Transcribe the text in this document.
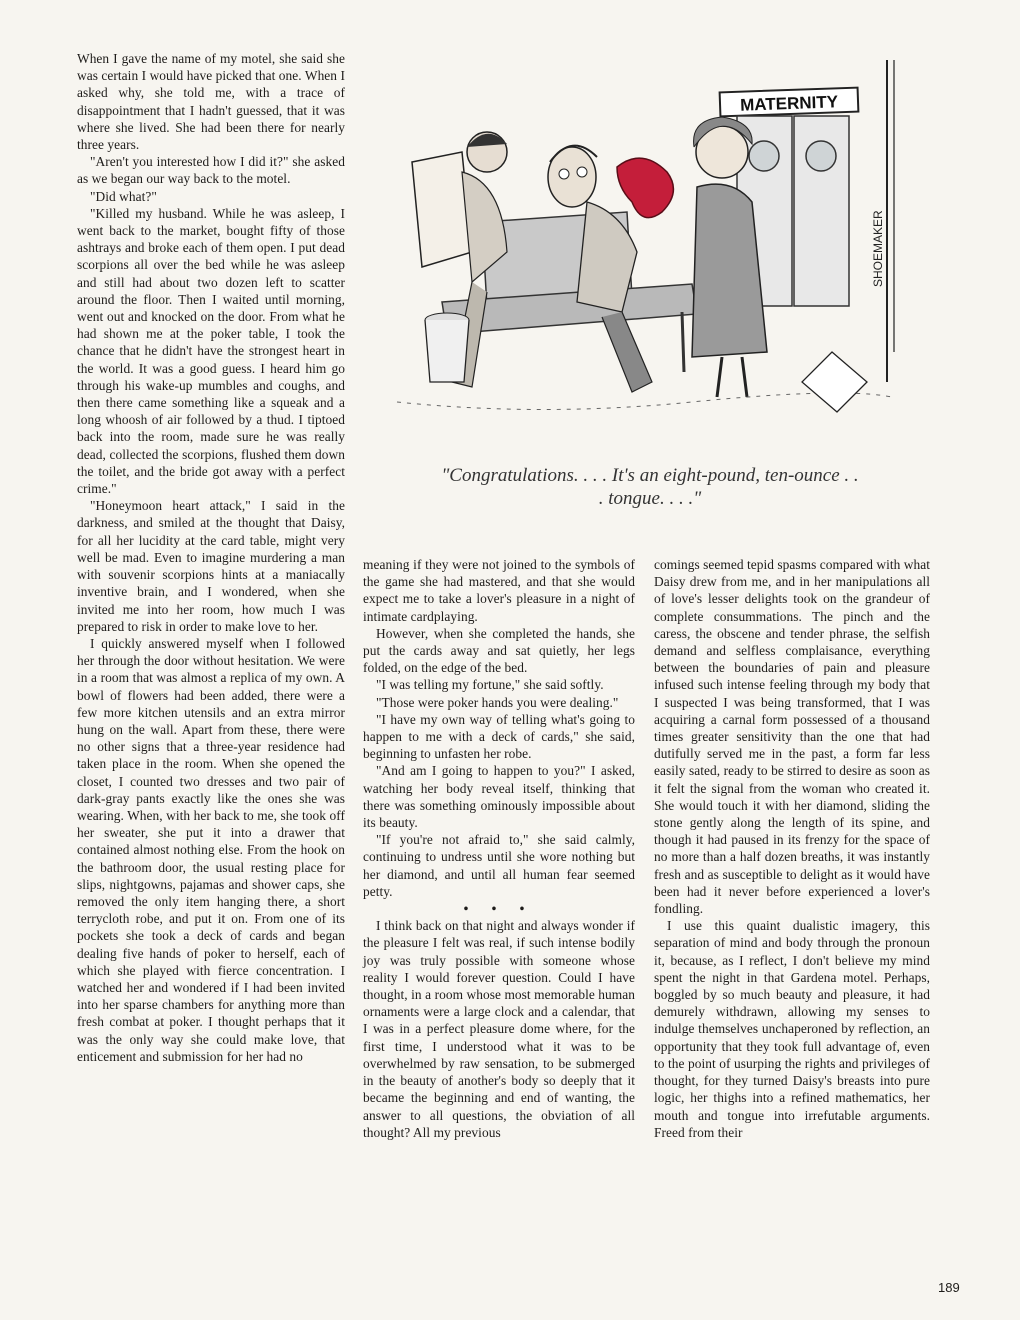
When I gave the name of my motel, she said she was certain I would have picked that one. When I asked why, she told me, with a trace of disappointment that I hadn't guessed, that it was where she lived. She had been there for nearly three years.

"Aren't you interested how I did it?" she asked as we began our way back to the motel.

"Did what?"

"Killed my husband. While he was asleep, I went back to the market, bought fifty of those ashtrays and broke each of them open. I put dead scorpions all over the bed while he was asleep and still had about two dozen left to scatter around the floor. Then I waited until morning, went out and knocked on the door. From what he had shown me at the poker table, I took the chance that he didn't have the strongest heart in the world. It was a good guess. I heard him go through his wake-up mumbles and coughs, and then there came something like a squeak and a long whoosh of air followed by a thud. I tiptoed back into the room, made sure he was really dead, collected the scorpions, flushed them down the toilet, and the bride got away with a perfect crime."

"Honeymoon heart attack," I said in the darkness, and smiled at the thought that Daisy, for all her lucidity at the card table, might very well be mad. Even to imagine murdering a man with souvenir scorpions hints at a maniacally inventive brain, and I wondered, when she invited me into her room, how much I was prepared to risk in order to make love to her.

I quickly answered myself when I followed her through the door without hesitation. We were in a room that was almost a replica of my own. A bowl of flowers had been added, there were a few more kitchen utensils and an extra mirror hung on the wall. Apart from these, there were no other signs that a three-year residence had taken place in the room. When she opened the closet, I counted two dresses and two pair of dark-gray pants exactly like the ones she was wearing. When, with her back to me, she took off her sweater, she put it into a drawer that contained almost nothing else. From the hook on the bathroom door, the usual resting place for slips, nightgowns, pajamas and shower caps, she removed the only item hanging there, a short terrycloth robe, and put it on. From one of its pockets she took a deck of cards and began dealing five hands of poker to herself, each of which she played with fierce concentration. I watched her and wondered if I had been invited into her sparse chambers for anything more than fresh combat at poker. I thought perhaps that it was the only way she could make love, that enticement and submission for her had no

MATERNITY
SHOEMAKER
"Congratulations. . . . It's an eight-pound, ten-ounce . . . tongue. . . ."

meaning if they were not joined to the symbols of the game she had mastered, and that she would expect me to take a lover's pleasure in a night of intimate cardplaying.

However, when she completed the hands, she put the cards away and sat quietly, her legs folded, on the edge of the bed.

"I was telling my fortune," she said softly.

"Those were poker hands you were dealing."

"I have my own way of telling what's going to happen to me with a deck of cards," she said, beginning to unfasten her robe.

"And am I going to happen to you?" I asked, watching her body reveal itself, thinking that there was something ominously impossible about its beauty.

"If you're not afraid to," she said calmly, continuing to undress until she wore nothing but her diamond, and until all human fear seemed petty.

• • •

I think back on that night and always wonder if the pleasure I felt was real, if such intense bodily joy was truly possible with someone whose reality I would forever question. Could I have thought, in a room whose most memorable human ornaments were a large clock and a calendar, that I was in a perfect pleasure dome where, for the first time, I understood what it was to be overwhelmed by raw sensation, to be submerged in the beauty of another's body so deeply that it became the beginning and end of wanting, the answer to all questions, the obviation of all thought? All my previous

comings seemed tepid spasms compared with what Daisy drew from me, and in her manipulations all of love's lesser delights took on the grandeur of complete consummations. The pinch and the caress, the obscene and tender phrase, the selfish demand and selfless complaisance, everything between the boundaries of pain and pleasure infused such intense feeling through my body that I suspected I was being transformed, that I was acquiring a carnal form possessed of a thousand times greater sensitivity than the one that had dutifully served me in the past, a form far less easily sated, ready to be stirred to desire as soon as it felt the signal from the woman who created it. She would touch it with her diamond, sliding the stone gently along the length of its spine, and though it had paused in its frenzy for the space of no more than a half dozen breaths, it was instantly fresh and as susceptible to delight as it would have been had it never before experienced a lover's fondling.

I use this quaint dualistic imagery, this separation of mind and body through the pronoun it, because, as I reflect, I don't believe my mind spent the night in that Gardena motel. Perhaps, boggled by so much beauty and pleasure, it had demurely withdrawn, allowing my senses to indulge themselves unchaperoned by reflection, an opportunity that they took full advantage of, even to the point of usurping the rights and privileges of thought, for they turned Daisy's breasts into pure logic, her thighs into a refined mathematics, her mouth and tongue into irrefutable arguments. Freed from their

189
